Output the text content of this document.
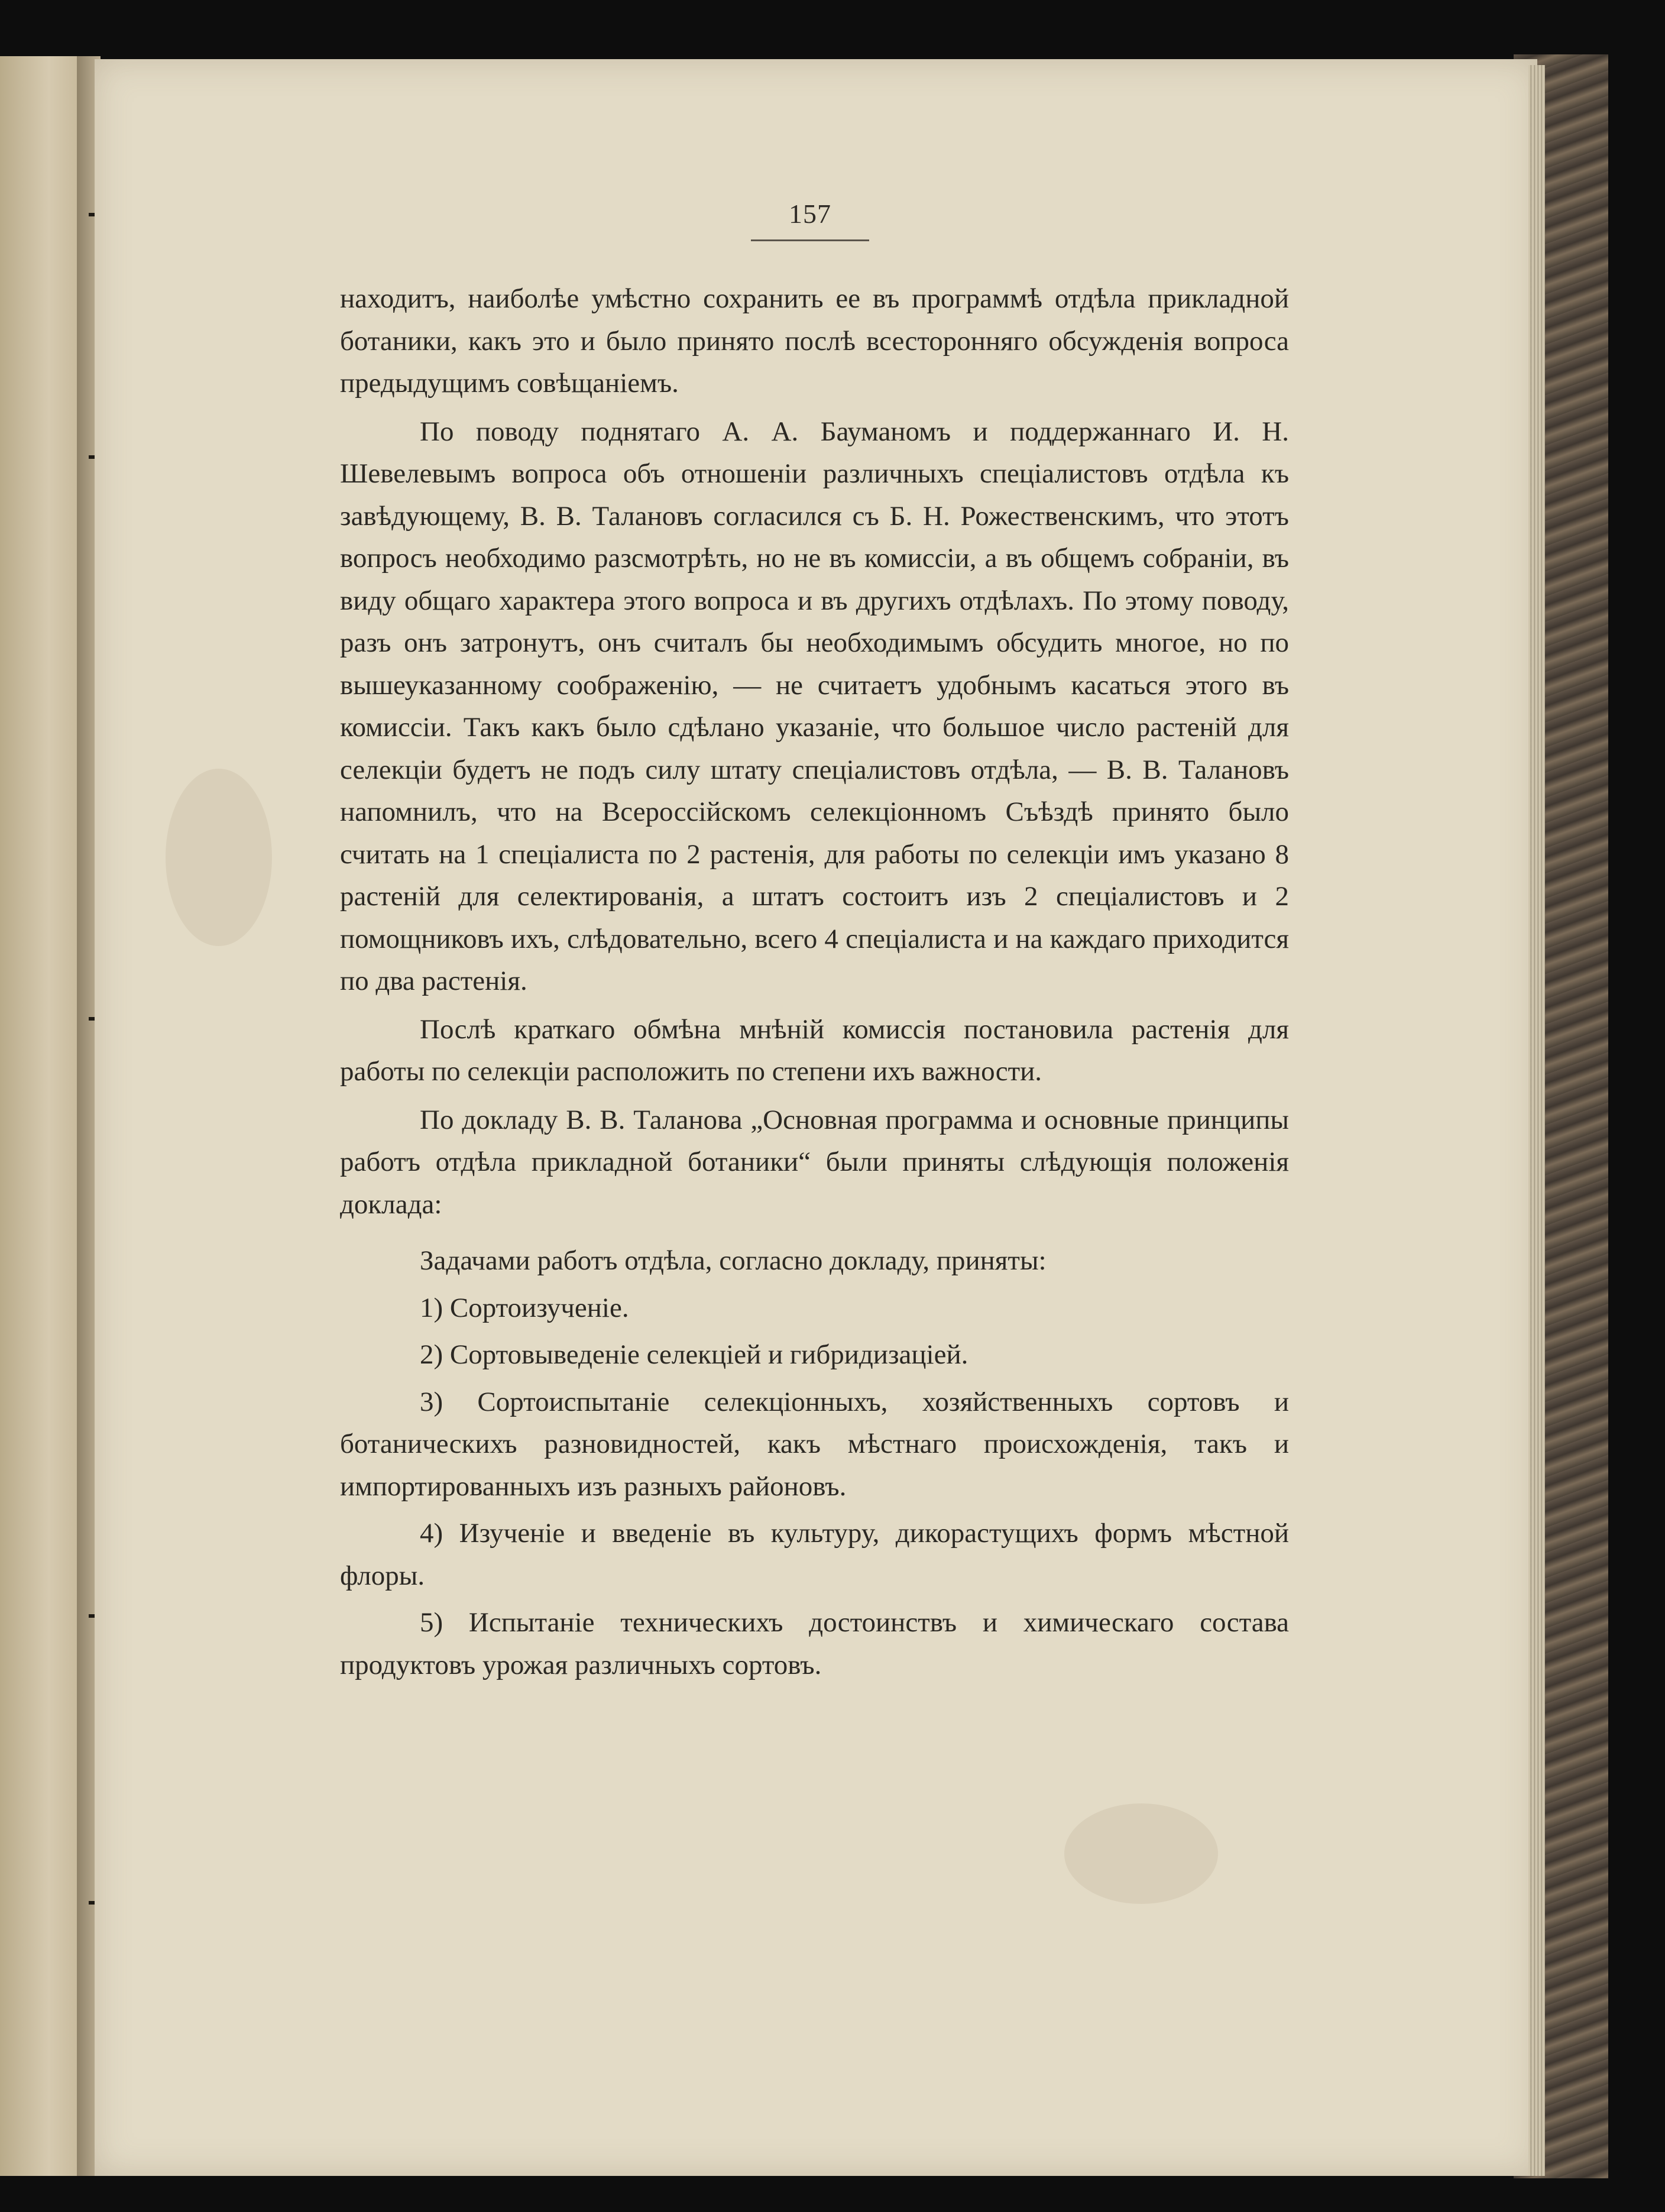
157

находитъ, наиболѣе умѣстно сохранить ее въ программѣ отдѣла прикладной ботаники, какъ это и было принято послѣ всесторонняго обсужденія вопроса предыдущимъ совѣщаніемъ.

По поводу поднятаго А. А. Бауманомъ и поддержаннаго И. Н. Шевелевымъ вопроса объ отношеніи различныхъ спеціалистовъ отдѣла къ завѣдующему, В. В. Талановъ согласился съ Б. Н. Рожественскимъ, что этотъ вопросъ необходимо разсмотрѣть, но не въ комиссіи, а въ общемъ собраніи, въ виду общаго характера этого вопроса и въ другихъ отдѣлахъ. По этому поводу, разъ онъ затронутъ, онъ считалъ бы необходимымъ обсудить многое, но по вышеуказанному соображенію, — не считаетъ удобнымъ касаться этого въ комиссіи. Такъ какъ было сдѣлано указаніе, что большое число растеній для селекціи будетъ не подъ силу штату спеціалистовъ отдѣла, — В. В. Талановъ напомнилъ, что на Всероссійскомъ селекціонномъ Съѣздѣ принято было считать на 1 спеціалиста по 2 растенія, для работы по селекціи имъ указано 8 растеній для селектированія, а штатъ состоитъ изъ 2 спеціалистовъ и 2 помощниковъ ихъ, слѣдовательно, всего 4 спеціалиста и на каждаго приходится по два растенія.

Послѣ краткаго обмѣна мнѣній комиссія постановила растенія для работы по селекціи расположить по степени ихъ важности.

По докладу В. В. Таланова „Основная программа и основные принципы работъ отдѣла прикладной ботаники“ были приняты слѣдующія положенія доклада:

Задачами работъ отдѣла, согласно докладу, приняты:

1) Сортоизученіе.

2) Сортовыведеніе селекціей и гибридизаціей.

3) Сортоиспытаніе селекціонныхъ, хозяйственныхъ сортовъ и ботаническихъ разновидностей, какъ мѣстнаго происхожденія, такъ и импортированныхъ изъ разныхъ районовъ.

4) Изученіе и введеніе въ культуру, дикорастущихъ формъ мѣстной флоры.

5) Испытаніе техническихъ достоинствъ и химическаго состава продуктовъ урожая различныхъ сортовъ.
